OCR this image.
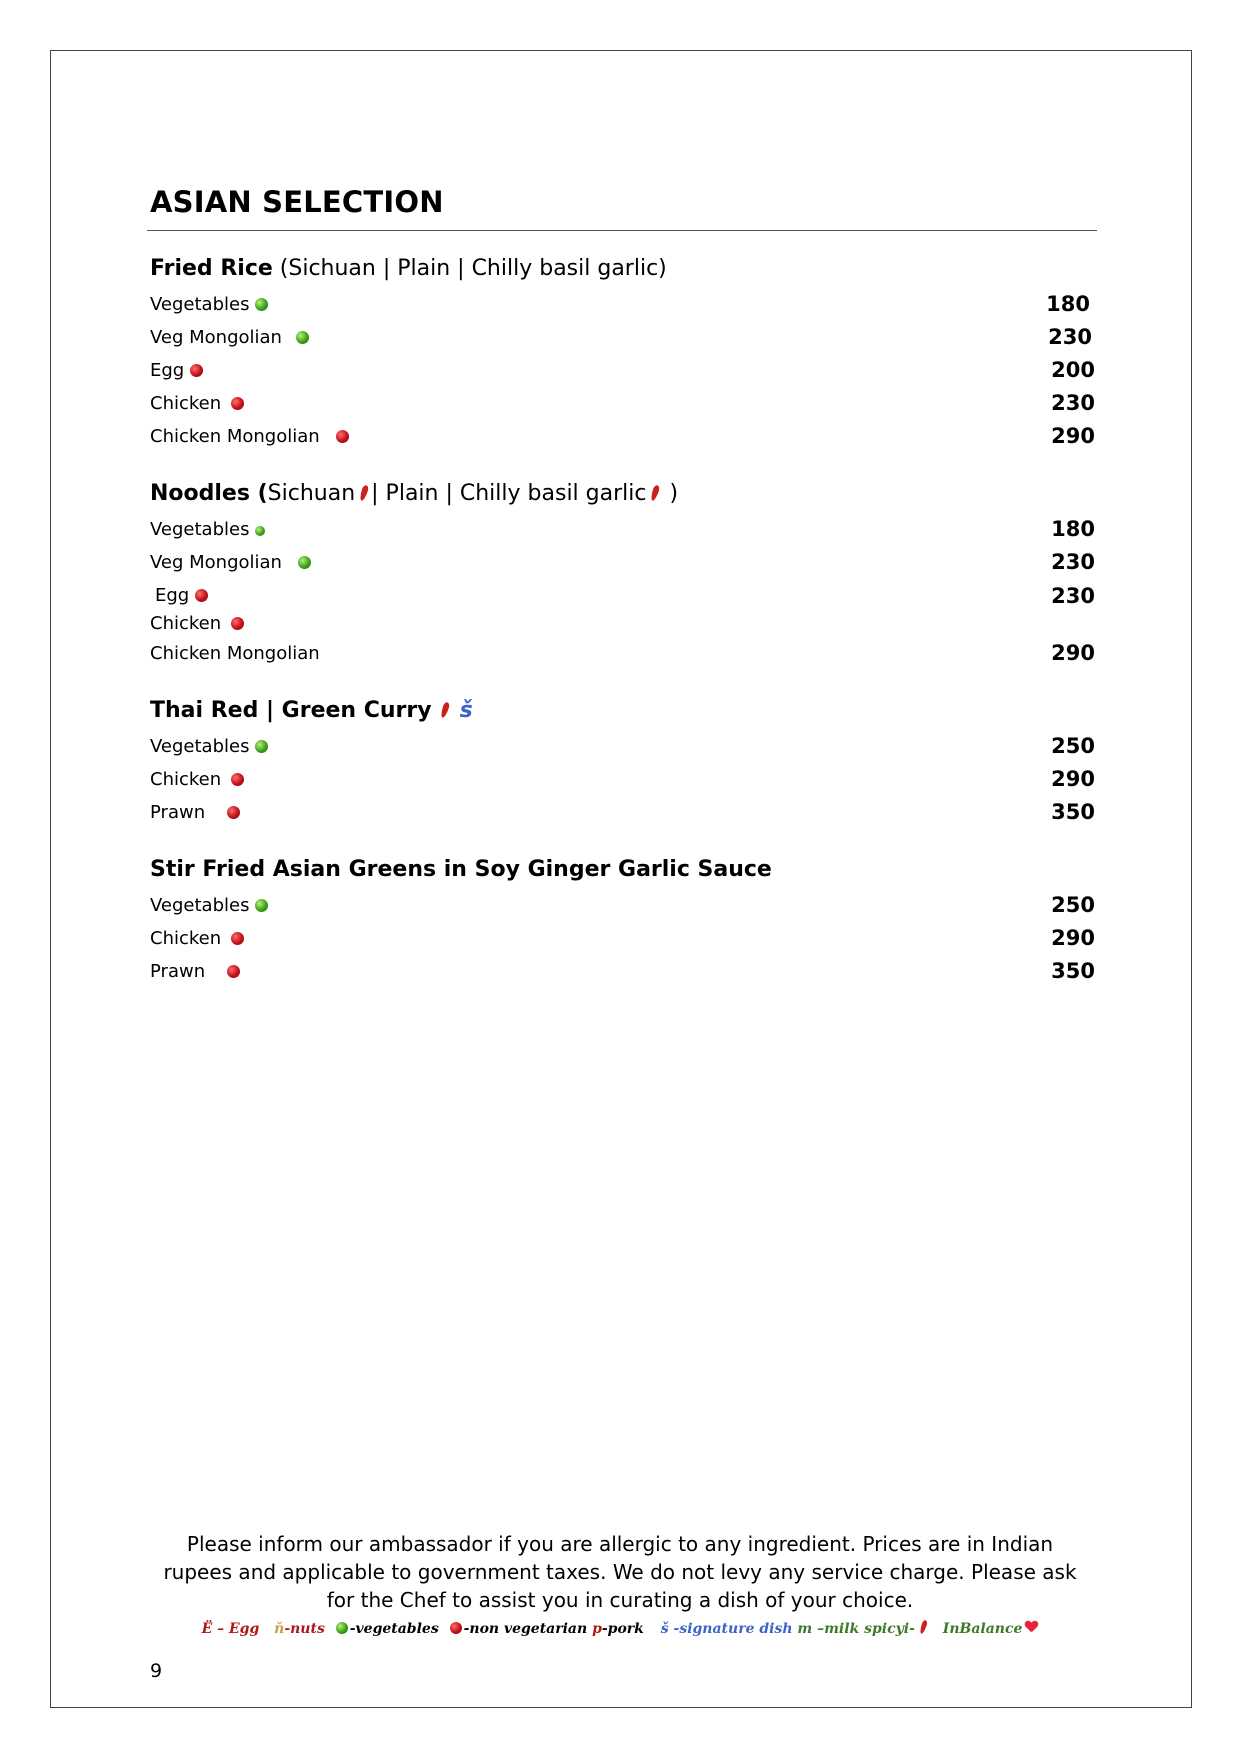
ASIAN SELECTION
Fried Rice (Sichuan | Plain | Chilly basil garlic)
Vegetables	180
Veg Mongolian	230
Egg	200
Chicken	230
Chicken Mongolian	290
Noodles (Sichuan | Plain | Chilly basil garlic )
Vegetables	180
Veg Mongolian	230
Egg	230
Chicken
Chicken Mongolian	290
Thai Red | Green Curry š
Vegetables	250
Chicken	290
Prawn	350
Stir Fried Asian Greens in Soy Ginger Garlic Sauce
Vegetables	250
Chicken	290
Prawn	350
Please inform our ambassador if you are allergic to any ingredient. Prices are in Indian rupees and applicable to government taxes. We do not levy any service charge. Please ask for the Chef to assist you in curating a dish of your choice.
Ë – Egg ň-nuts -vegetables -non vegetarian p-pork š -signature dish m –milk spicyi- InBalance
9
